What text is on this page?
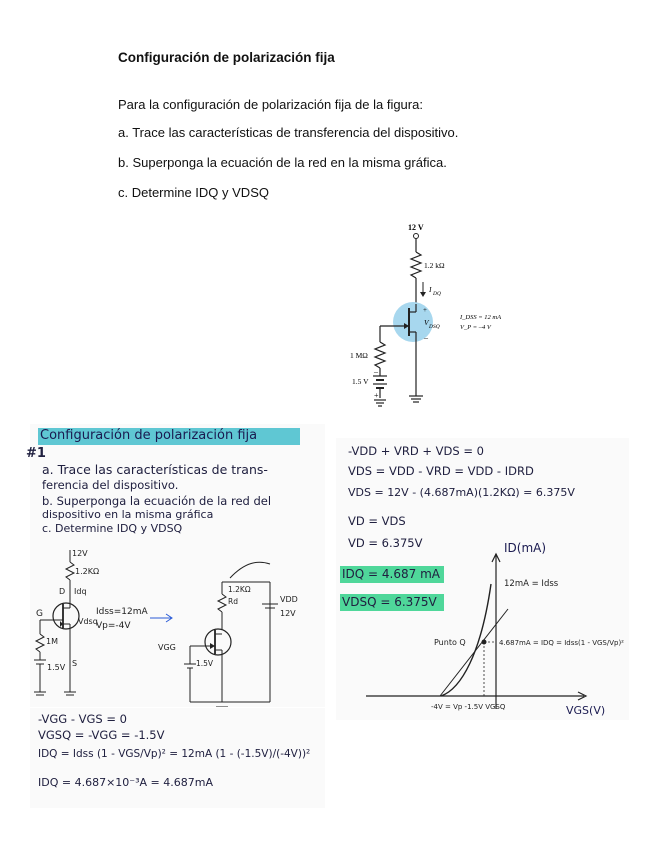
Configuración de polarización fija
Para la configuración de polarización fija de la figura:
a. Trace las características de transferencia del dispositivo.
b. Superponga la ecuación de la red en la misma gráfica.
c. Determine IDQ y VDSQ
12 V
1.2 kΩ
I DQ
+
V DSQ
–
I_DSS = 12 mA
V_P = –4 V
1 MΩ
–
1.5 V
+
Configuración de polarización fija
#1
a. Trace las características de trans-
ferencia del dispositivo.
b. Superponga la ecuación de la red del
dispositivo en la misma gráfica
c. Determine IDQ y VDSQ
12V
1.2KΩ
Idq
D
G
Vdsq
S
Idss=12mA
Vp=-4V
1M
1.5V
Rd
1.2KΩ
VDD
12V
VGG
1.5V
-VGG - VGS = 0
VGSQ = -VGG = -1.5V
IDQ = Idss (1 - VGS/Vp)² = 12mA (1 - (-1.5V)/(-4V))²
IDQ = 4.687×10⁻³A = 4.687mA
-VDD + VRD + VDS = 0
VDS = VDD - VRD = VDD - IDRD
VDS = 12V - (4.687mA)(1.2KΩ) = 6.375V
VD = VDS
VD = 6.375V
IDQ = 4.687 mA
VDSQ = 6.375V
ID(mA)
VGS(V)
12mA = Idss
Punto Q	4.687mA = IDQ = Idss(1 - VGS/Vp)²
-4V = Vp -1.5V VGSQ
